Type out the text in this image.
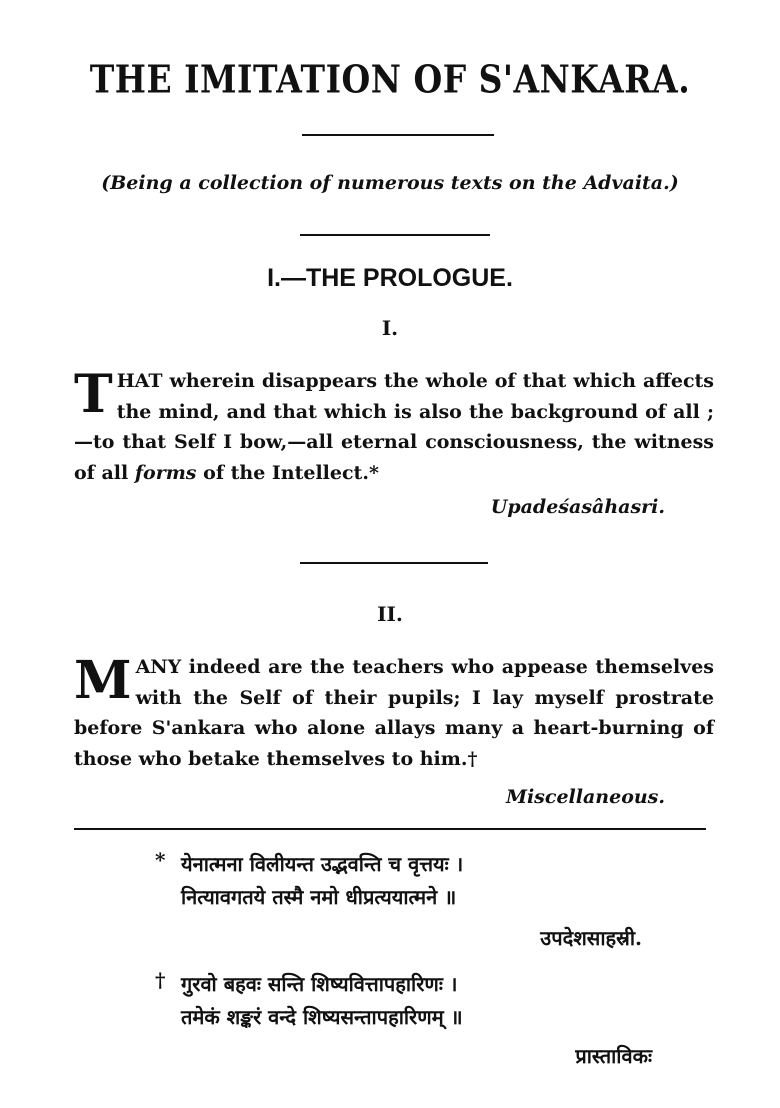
THE IMITATION OF S'ANKARA.
(Being a collection of numerous texts on the Advaita.)
I.—THE PROLOGUE.
I.
T HAT wherein disappears the whole of that which affects the mind, and that which is also the background of all ;—to that Self I bow,—all eternal consciousness, the witness of all forms of the Intellect.*
Upadeśasâhasri.
II.
M ANY indeed are the teachers who appease themselves with the Self of their pupils; I lay myself prostrate before S'ankara who alone allays many a heart-burning of those who betake themselves to him.†
Miscellaneous.
* येनात्मना विलीयन्त उद्भवन्ति च वृत्तयः ।
नित्यावगतये तस्मै नमो धीप्रत्ययात्मने ॥
उपदेशसाहस्री.
† गुरवो बहवः सन्ति शिष्यवित्तापहारिणः ।
तमेकं शङ्करं वन्दे शिष्यसन्तापहारिणम् ॥
प्रास्ताविकः
